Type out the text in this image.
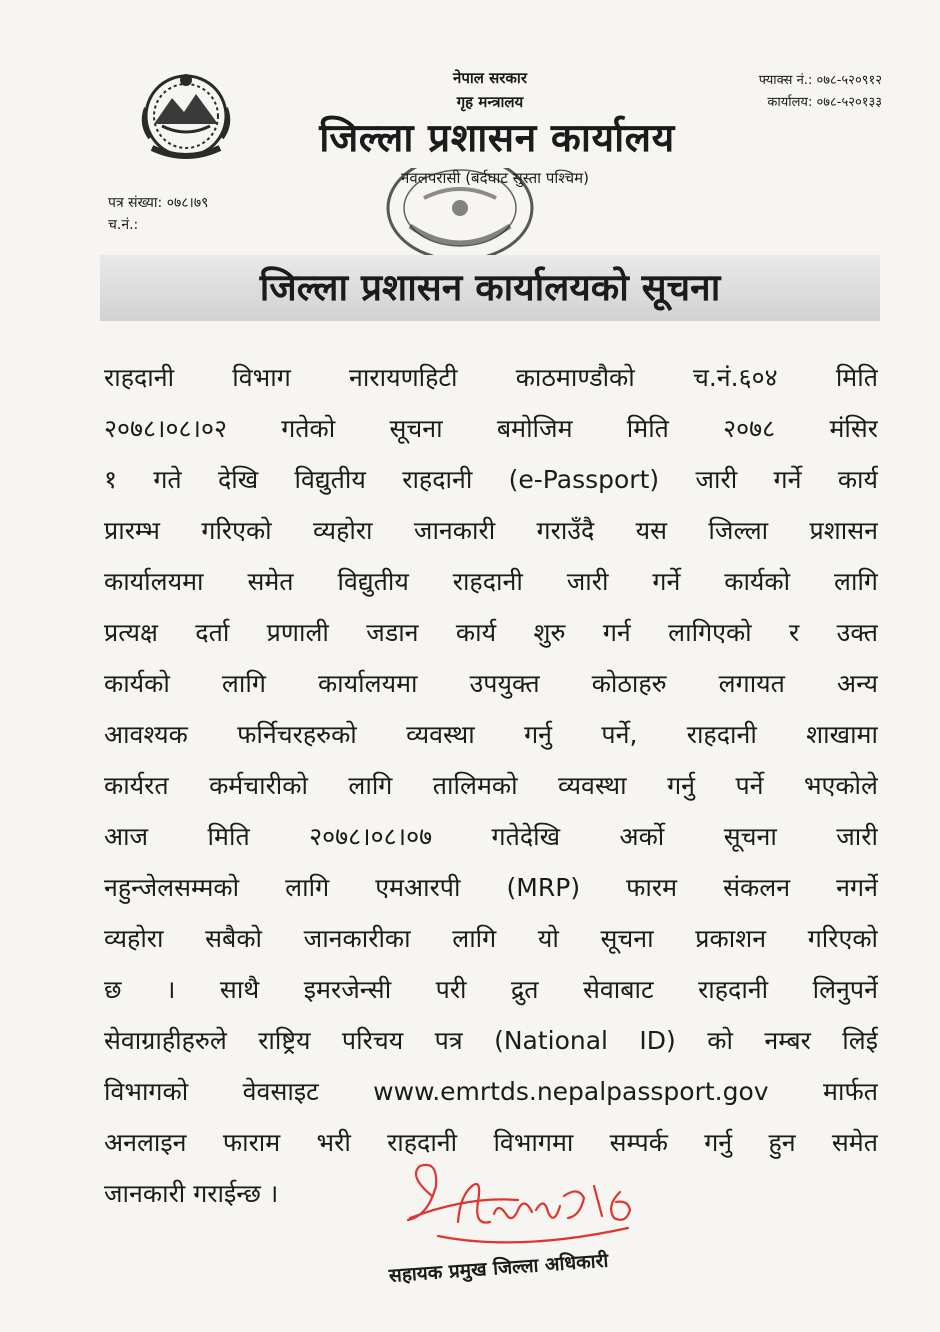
नेपाल सरकार
गृह मन्त्रालय
जिल्ला प्रशासन कार्यालय
नवलपरासी (बर्दघाट सुस्ता पश्चिम)
फ्याक्स नं.: ०७८-५२०९१२
कार्यालय: ०७८-५२०१३३
पत्र संख्या: ०७८।७९
च.नं.:
जिल्ला प्रशासन कार्यालयको सूचना
राहदानी विभाग नारायणहिटी काठमाण्डौको च.नं.६०४ मिति
२०७८।०८।०२ गतेको सूचना बमोजिम मिति २०७८ मंसिर
१ गते देखि विद्युतीय राहदानी (e-Passport) जारी गर्ने कार्य
प्रारम्भ गरिएको व्यहोरा जानकारी गराउँदै यस जिल्ला प्रशासन
कार्यालयमा समेत विद्युतीय राहदानी जारी गर्ने कार्यको लागि
प्रत्यक्ष दर्ता प्रणाली जडान कार्य शुरु गर्न लागिएको र उक्त
कार्यको लागि कार्यालयमा उपयुक्त कोठाहरु लगायत अन्य
आवश्यक फर्निचरहरुको व्यवस्था गर्नु पर्ने, राहदानी शाखामा
कार्यरत कर्मचारीको लागि तालिमको व्यवस्था गर्नु पर्ने भएकोले
आज मिति २०७८।०८।०७ गतेदेखि अर्को सूचना जारी
नहुन्जेलसम्मको लागि एमआरपी (MRP) फारम संकलन नगर्ने
व्यहोरा सबैको जानकारीका लागि यो सूचना प्रकाशन गरिएको
छ । साथै इमरजेन्सी परी द्रुत सेवाबाट राहदानी लिनुपर्ने
सेवाग्राहीहरुले राष्ट्रिय परिचय पत्र (National ID) को नम्बर लिई
विभागको वेवसाइट www.emrtds.nepalpassport.gov मार्फत
अनलाइन फाराम भरी राहदानी विभागमा सम्पर्क गर्नु हुन समेत
जानकारी गराईन्छ ।	8/16
सहायक प्रमुख जिल्ला अधिकारी
